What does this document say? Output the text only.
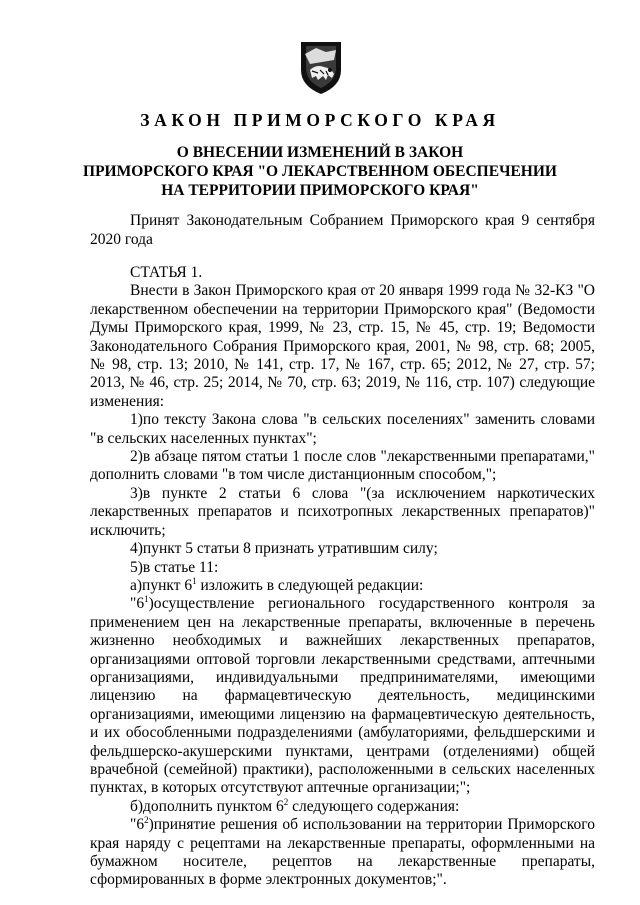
ЗАКОН ПРИМОРСКОГО КРАЯ
О ВНЕСЕНИИ ИЗМЕНЕНИЙ В ЗАКОН
ПРИМОРСКОГО КРАЯ "О ЛЕКАРСТВЕННОМ ОБЕСПЕЧЕНИИ
НА ТЕРРИТОРИИ ПРИМОРСКОГО КРАЯ"
Принят Законодательным Собранием Приморского края 9 сентября 2020 года

СТАТЬЯ 1.

Внести в Закон Приморского края от 20 января 1999 года № 32-КЗ "О лекарственном обеспечении на территории Приморского края" (Ведомости Думы Приморского края, 1999, № 23, стр. 15, № 45, стр. 19; Ведомости Законодательного Собрания Приморского края, 2001, № 98, стр. 68; 2005, № 98, стр. 13; 2010, № 141, стр. 17, № 167, стр. 65; 2012, № 27, стр. 57; 2013, № 46, стр. 25; 2014, № 70, стр. 63; 2019, № 116, стр. 107) следующие изменения:

1)по тексту Закона слова "в сельских поселениях" заменить словами "в сельских населенных пунктах";

2)в абзаце пятом статьи 1 после слов "лекарственными препаратами," дополнить словами "в том числе дистанционным способом,";

3)в пункте 2 статьи 6 слова "(за исключением наркотических лекарственных препаратов и психотропных лекарственных препаратов)" исключить;

4)пункт 5 статьи 8 признать утратившим силу;

5)в статье 11:

а)пункт $6^1$ изложить в следующей редакции:

"$6^1)осуществление$ регионального государственного контроля за применением цен на лекарственные препараты, включенные в перечень жизненно необходимых и важнейших лекарственных препаратов, организациями оптовой торговли лекарственными средствами, аптечными организациями, индивидуальными предпринимателями, имеющими лицензию на фармацевтическую деятельность, медицинскими организациями, имеющими лицензию на фармацевтическую деятельность, и их обособленными подразделениями (амбулаториями, фельдшерскими и фельдшерско-акушерскими пунктами, центрами (отделениями) общей врачебной (семейной) практики), расположенными в сельских населенных пунктах, в которых отсутствуют аптечные организации;";

б)дополнить пунктом $6^2$ следующего содержания:

"$6^2)принятие$ решения об использовании на территории Приморского края наряду с рецептами на лекарственные препараты, оформленными на бумажном носителе, рецептов на лекарственные препараты, сформированных в форме электронных документов;".
